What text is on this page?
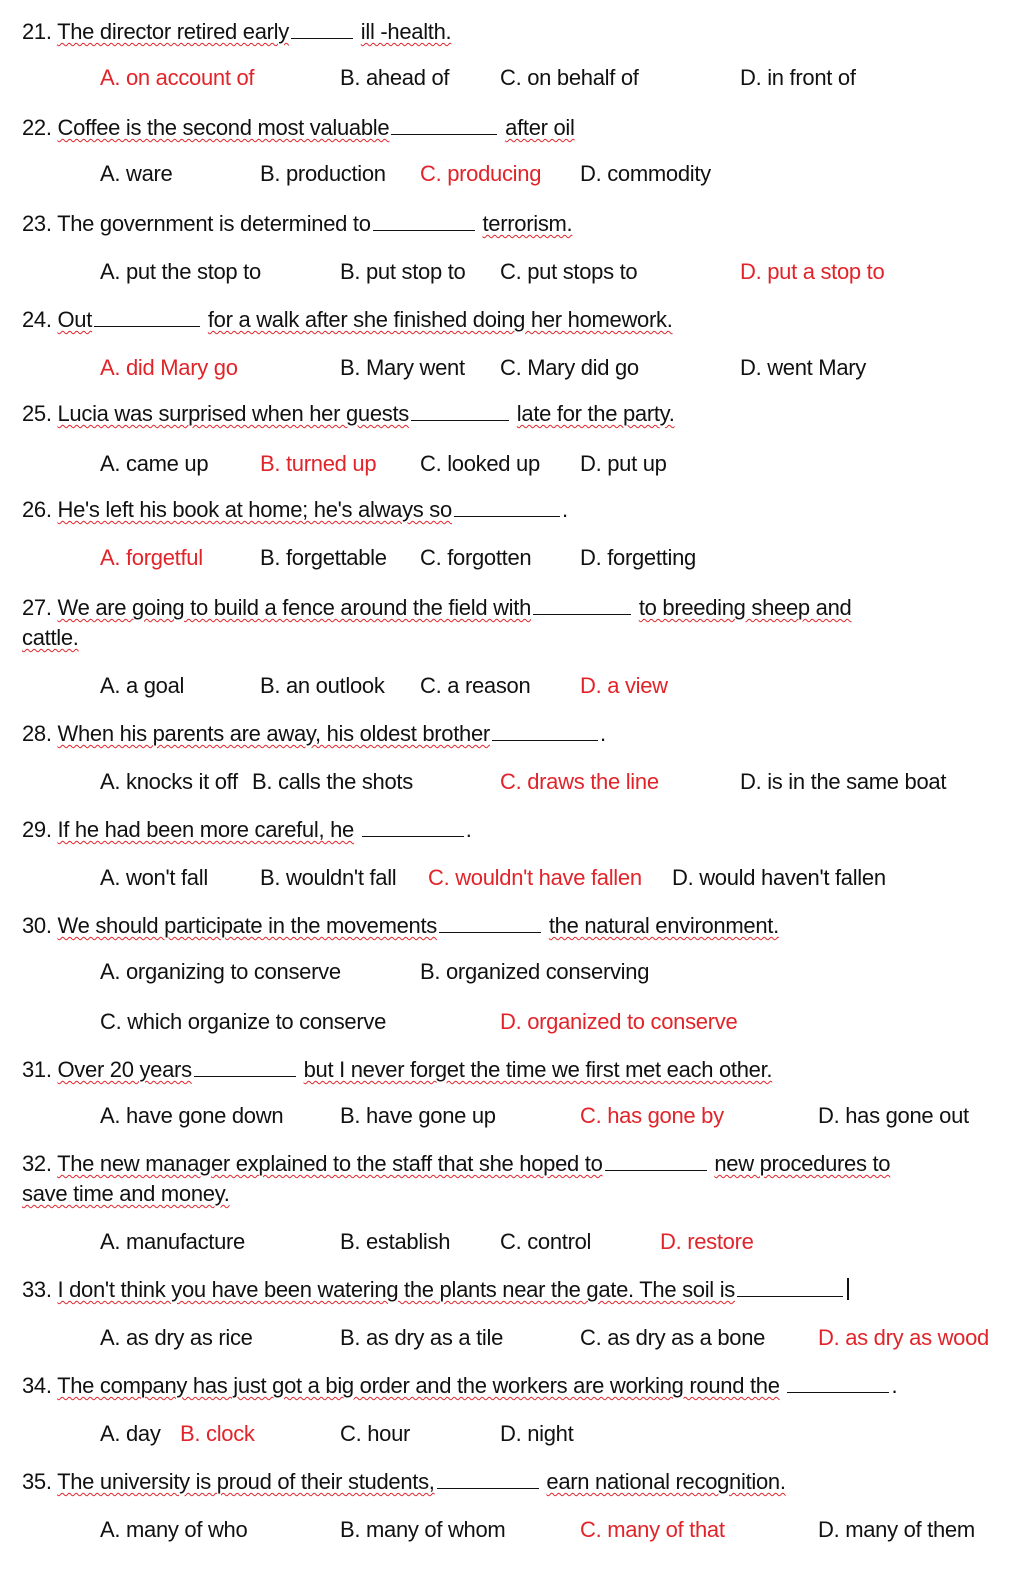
21. The director retired early	ill -health.
A. on account of	B. ahead of C. on behalf of	D. in front of
22. Coffee is the second most valuable	after oil
A. ware	B. production C. producing D. commodity
23. The government is determined to	terrorism.
A. put the stop to	B. put stop to C. put stops to	D. put a stop to
24. Out	for a walk after she finished doing her homework.
A. did Mary go	B. Mary went C. Mary did go	D. went Mary
25. Lucia was surprised when her guests	late for the party.
A. came up B. turned up C. looked up D. put up
26. He's left his book at home; he's always so	.
A. forgetful	B. forgettable C. forgotten D. forgetting
27. We are going to build a fence around the field with	to breeding sheep and
cattle.
A. a goal	B. an outlook C. a reason D. a view
28. When his parents are away, his oldest brother	.
A. knocks it off B. calls the shots	C. draws the line	D. is in the same boat
29. If he had been more careful, he	.
A. won't fall B. wouldn't fall C. wouldn't have fallen D. would haven't fallen
30. We should participate in the movements	the natural environment.
A. organizing to conserve	B. organized conserving
C. which organize to conserve	D. organized to conserve
31. Over 20 years	but I never forget the time we first met each other.
A. have gone down	B. have gone up	C. has gone by	D. has gone out
32. The new manager explained to the staff that she hoped to	new procedures to
save time and money.
A. manufacture	B. establish C. control	D. restore
33. I don't think you have been watering the plants near the gate. The soil is
A. as dry as rice	B. as dry as a tile	C. as dry as a bone D. as dry as wood
34. The company has just got a big order and the workers are working round the	.
A. day B. clock	C. hour	D. night
35. The university is proud of their students,	earn national recognition.
A. many of who	B. many of whom	C. many of that	D. many of them
